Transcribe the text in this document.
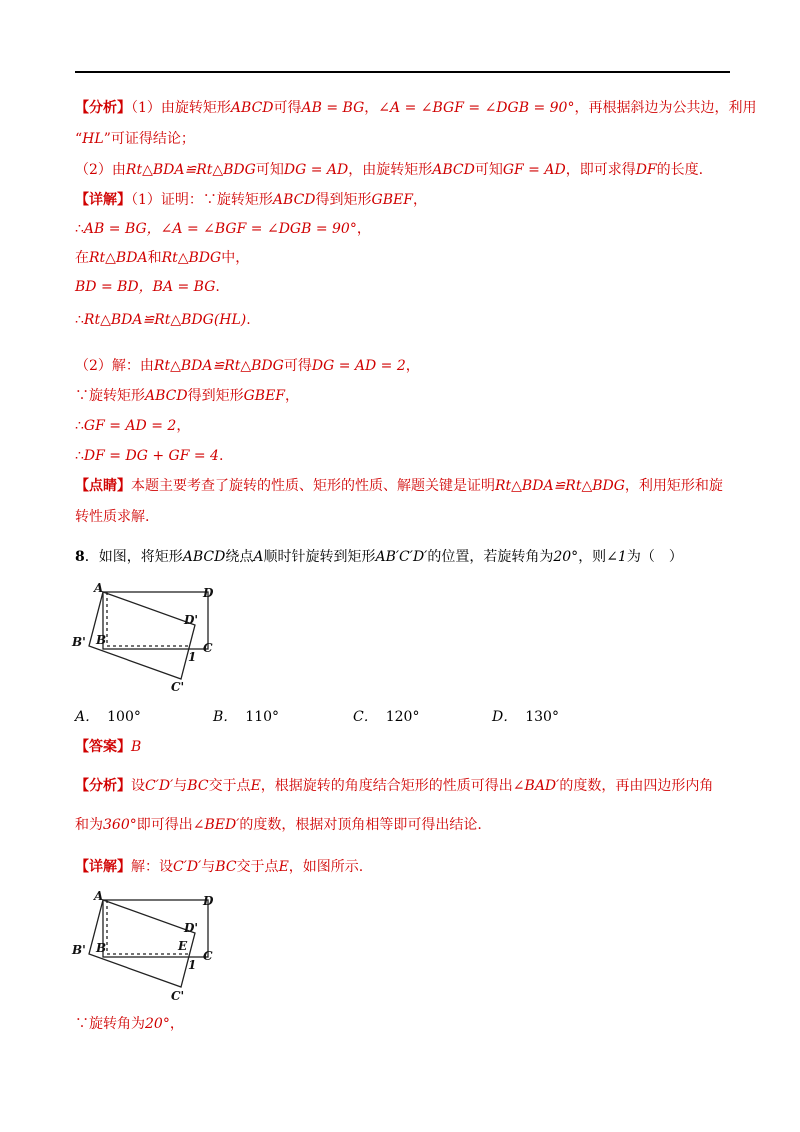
【分析】（1）由旋转矩形ABCD可得AB = BG，∠A = ∠BGF = ∠DGB = 90°，再根据斜边为公共边，利用
“HL”可证得结论；
（2）由Rt△BDA≌Rt△BDG可知DG = AD，由旋转矩形ABCD可知GF = AD，即可求得DF的长度.
【详解】（1）证明：∵旋转矩形ABCD得到矩形GBEF，
∴AB = BG，∠A = ∠BGF = ∠DGB = 90°，
在Rt△BDA和Rt△BDG中，
BD = BD，BA = BG.
∴Rt△BDA≌Rt△BDG(HL).
（2）解：由Rt△BDA≌Rt△BDG可得DG = AD = 2，
∵旋转矩形ABCD得到矩形GBEF，
∴GF = AD = 2，
∴DF = DG + GF = 4.
【点睛】本题主要考查了旋转的性质、矩形的性质、解题关键是证明Rt△BDA≌Rt△BDG，利用矩形和旋
转性质求解.
8．如图，将矩形ABCD绕点A顺时针旋转到矩形AB′C′D′的位置，若旋转角为20°，则∠1为（　）
A	D
D'
B' B
C
1
C'
A． 100°	B． 110°	C． 120°	D． 130°
【答案】B
【分析】设C′D′与BC交于点E，根据旋转的角度结合矩形的性质可得出∠BAD′的度数，再由四边形内角
和为360°即可得出∠BED′的度数，根据对顶角相等即可得出结论.
【详解】解：设C′D′与BC交于点E，如图所示.
A	D
D'
B' B	E
C
1
C'
∵旋转角为20°，
